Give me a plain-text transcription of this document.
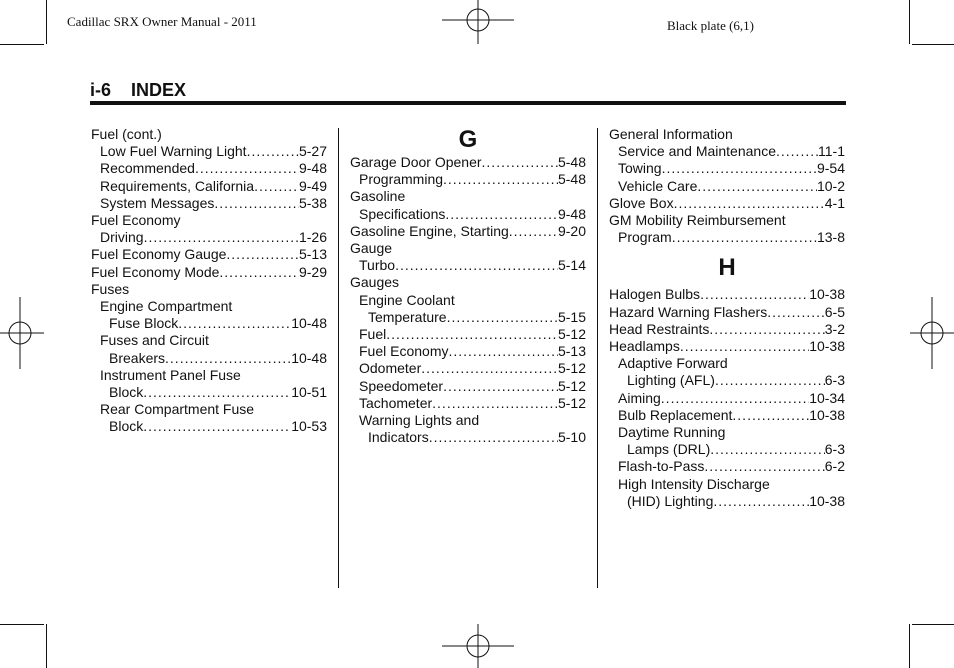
Cadillac SRX Owner Manual - 2011	Black plate (6,1)
i-6 INDEX
Fuel (cont.)
Low Fuel Warning Light .....	5-27
Recommended .....	9-48
Requirements, California .....	9-49
System Messages .....	5-38
Fuel Economy
Driving .....	1-26
Fuel Economy Gauge .....	5-13
Fuel Economy Mode .....	9-29
Fuses
Engine Compartment
Fuse Block .....	10-48
Fuses and Circuit
Breakers .....	10-48
Instrument Panel Fuse
Block .....	10-51
Rear Compartment Fuse
Block .....	10-53
G
Garage Door Opener .....	5-48
Programming .....	5-48
Gasoline
Specifications .....	9-48
Gasoline Engine, Starting .....	9-20
Gauge
Turbo .....	5-14
Gauges
Engine Coolant
Temperature .....	5-15
Fuel .....	5-12
Fuel Economy .....	5-13
Odometer .....	5-12
Speedometer .....	5-12
Tachometer .....	5-12
Warning Lights and
Indicators .....	5-10
General Information
Service and Maintenance .....	11-1
Towing .....	9-54
Vehicle Care .....	10-2
Glove Box .....	4-1
GM Mobility Reimbursement
Program .....	13-8
H
Halogen Bulbs .....	10-38
Hazard Warning Flashers .....	6-5
Head Restraints .....	3-2
Headlamps .....	10-38
Adaptive Forward
Lighting (AFL) .....	6-3
Aiming .....	10-34
Bulb Replacement .....	10-38
Daytime Running
Lamps (DRL) .....	6-3
Flash-to-Pass .....	6-2
High Intensity Discharge
(HID) Lighting .....	10-38
